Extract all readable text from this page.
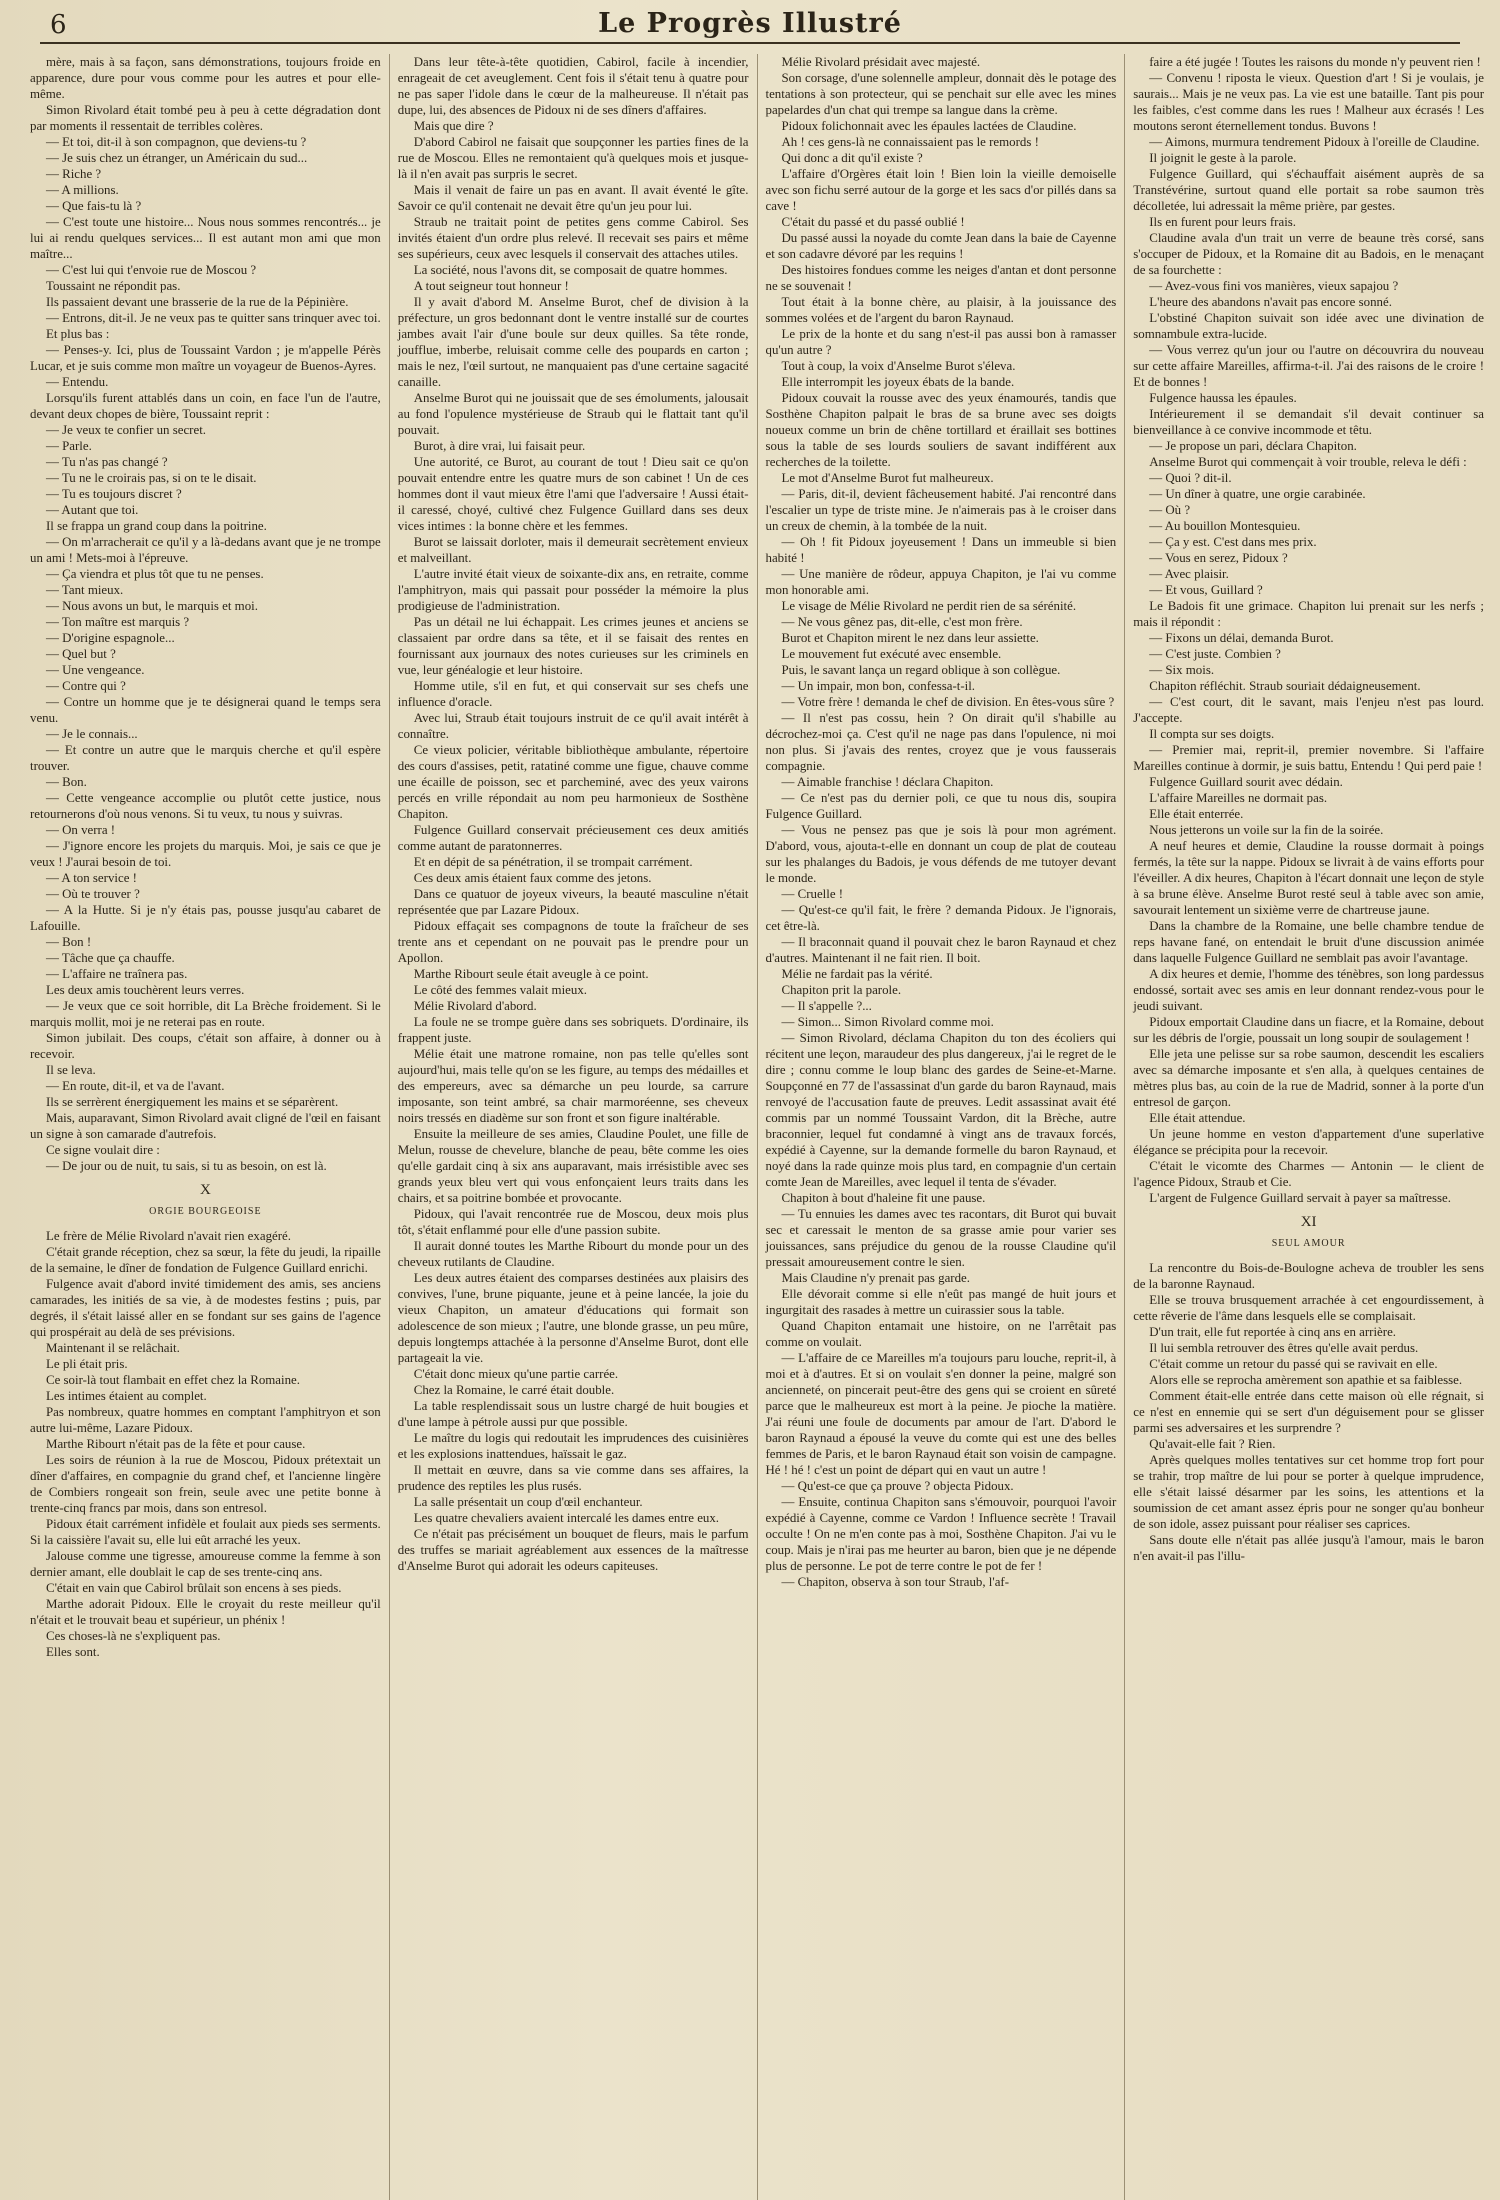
6	Le Progrès Illustré

mère, mais à sa façon, sans démonstrations, toujours froide en apparence, dure pour vous comme pour les autres et pour elle-même.

Simon Rivolard était tombé peu à peu à cette dégradation dont par moments il ressentait de terribles colères.

— Et toi, dit-il à son compagnon, que deviens-tu ?

— Je suis chez un étranger, un Américain du sud...

— Riche ?

— A millions.

— Que fais-tu là ?

— C'est toute une histoire... Nous nous sommes rencontrés... je lui ai rendu quelques services... Il est autant mon ami que mon maître...

— C'est lui qui t'envoie rue de Moscou ?

Toussaint ne répondit pas.

Ils passaient devant une brasserie de la rue de la Pépinière.

— Entrons, dit-il. Je ne veux pas te quitter sans trinquer avec toi.

Et plus bas :

— Penses-y. Ici, plus de Toussaint Vardon ; je m'appelle Pérès Lucar, et je suis comme mon maître un voyageur de Buenos-Ayres.

— Entendu.

Lorsqu'ils furent attablés dans un coin, en face l'un de l'autre, devant deux chopes de bière, Toussaint reprit :

— Je veux te confier un secret.

— Parle.

— Tu n'as pas changé ?

— Tu ne le croirais pas, si on te le disait.

— Tu es toujours discret ?

— Autant que toi.

Il se frappa un grand coup dans la poitrine.

— On m'arracherait ce qu'il y a là-dedans avant que je ne trompe un ami ! Mets-moi à l'épreuve.

— Ça viendra et plus tôt que tu ne penses.

— Tant mieux.

— Nous avons un but, le marquis et moi.

— Ton maître est marquis ?

— D'origine espagnole...

— Quel but ?

— Une vengeance.

— Contre qui ?

— Contre un homme que je te désignerai quand le temps sera venu.

— Je le connais...

— Et contre un autre que le marquis cherche et qu'il espère trouver.

— Bon.

— Cette vengeance accomplie ou plutôt cette justice, nous retournerons d'où nous venons. Si tu veux, tu nous y suivras.

— On verra !

— J'ignore encore les projets du marquis. Moi, je sais ce que je veux ! J'aurai besoin de toi.

— A ton service !

— Où te trouver ?

— A la Hutte. Si je n'y étais pas, pousse jusqu'au cabaret de Lafouille.

— Bon !

— Tâche que ça chauffe.

— L'affaire ne traînera pas.

Les deux amis touchèrent leurs verres.

— Je veux que ce soit horrible, dit La Brèche froidement. Si le marquis mollit, moi je ne reterai pas en route.

Simon jubilait. Des coups, c'était son affaire, à donner ou à recevoir.

Il se leva.

— En route, dit-il, et va de l'avant.

Ils se serrèrent énergiquement les mains et se séparèrent.

Mais, auparavant, Simon Rivolard avait cligné de l'œil en faisant un signe à son camarade d'autrefois.

Ce signe voulait dire :

— De jour ou de nuit, tu sais, si tu as besoin, on est là.

X
ORGIE BOURGEOISE

Le frère de Mélie Rivolard n'avait rien exagéré.

C'était grande réception, chez sa sœur, la fête du jeudi, la ripaille de la semaine, le dîner de fondation de Fulgence Guillard enrichi.

Fulgence avait d'abord invité timidement des amis, ses anciens camarades, les initiés de sa vie, à de modestes festins ; puis, par degrés, il s'était laissé aller en se fondant sur ses gains de l'agence qui prospérait au delà de ses prévisions.

Maintenant il se relâchait.

Le pli était pris.

Ce soir-là tout flambait en effet chez la Romaine.

Les intimes étaient au complet.

Pas nombreux, quatre hommes en comptant l'amphitryon et son autre lui-même, Lazare Pidoux.

Marthe Ribourt n'était pas de la fête et pour cause.

Les soirs de réunion à la rue de Moscou, Pidoux prétextait un dîner d'affaires, en compagnie du grand chef, et l'ancienne lingère de Combiers rongeait son frein, seule avec une petite bonne à trente-cinq francs par mois, dans son entresol.

Pidoux était carrément infidèle et foulait aux pieds ses serments. Si la caissière l'avait su, elle lui eût arraché les yeux.

Jalouse comme une tigresse, amoureuse comme la femme à son dernier amant, elle doublait le cap de ses trente-cinq ans.

C'était en vain que Cabirol brûlait son encens à ses pieds.

Marthe adorait Pidoux. Elle le croyait du reste meilleur qu'il n'était et le trouvait beau et supérieur, un phénix !

Ces choses-là ne s'expliquent pas.

Elles sont.

Dans leur tête-à-tête quotidien, Cabirol, facile à incendier, enrageait de cet aveuglement. Cent fois il s'était tenu à quatre pour ne pas saper l'idole dans le cœur de la malheureuse. Il n'était pas dupe, lui, des absences de Pidoux ni de ses dîners d'affaires.

Mais que dire ?

D'abord Cabirol ne faisait que soupçonner les parties fines de la rue de Moscou. Elles ne remontaient qu'à quelques mois et jusque-là il n'en avait pas surpris le secret.

Mais il venait de faire un pas en avant. Il avait éventé le gîte. Savoir ce qu'il contenait ne devait être qu'un jeu pour lui.

Straub ne traitait point de petites gens comme Cabirol. Ses invités étaient d'un ordre plus relevé. Il recevait ses pairs et même ses supérieurs, ceux avec lesquels il conservait des attaches utiles.

La société, nous l'avons dit, se composait de quatre hommes.

A tout seigneur tout honneur !

Il y avait d'abord M. Anselme Burot, chef de division à la préfecture, un gros bedonnant dont le ventre installé sur de courtes jambes avait l'air d'une boule sur deux quilles. Sa tête ronde, joufflue, imberbe, reluisait comme celle des poupards en carton ; mais le nez, l'œil surtout, ne manquaient pas d'une certaine sagacité canaille.

Anselme Burot qui ne jouissait que de ses émoluments, jalousait au fond l'opulence mystérieuse de Straub qui le flattait tant qu'il pouvait.

Burot, à dire vrai, lui faisait peur.

Une autorité, ce Burot, au courant de tout ! Dieu sait ce qu'on pouvait entendre entre les quatre murs de son cabinet ! Un de ces hommes dont il vaut mieux être l'ami que l'adversaire ! Aussi était-il caressé, choyé, cultivé chez Fulgence Guillard dans ses deux vices intimes : la bonne chère et les femmes.

Burot se laissait dorloter, mais il demeurait secrètement envieux et malveillant.

L'autre invité était vieux de soixante-dix ans, en retraite, comme l'amphitryon, mais qui passait pour posséder la mémoire la plus prodigieuse de l'administration.

Pas un détail ne lui échappait. Les crimes jeunes et anciens se classaient par ordre dans sa tête, et il se faisait des rentes en fournissant aux journaux des notes curieuses sur les criminels en vue, leur généalogie et leur histoire.

Homme utile, s'il en fut, et qui conservait sur ses chefs une influence d'oracle.

Avec lui, Straub était toujours instruit de ce qu'il avait intérêt à connaître.

Ce vieux policier, véritable bibliothèque ambulante, répertoire des cours d'assises, petit, ratatiné comme une figue, chauve comme une écaille de poisson, sec et parcheminé, avec des yeux vairons percés en vrille répondait au nom peu harmonieux de Sosthène Chapiton.

Fulgence Guillard conservait précieusement ces deux amitiés comme autant de paratonnerres.

Et en dépit de sa pénétration, il se trompait carrément.

Ces deux amis étaient faux comme des jetons.

Dans ce quatuor de joyeux viveurs, la beauté masculine n'était représentée que par Lazare Pidoux.

Pidoux effaçait ses compagnons de toute la fraîcheur de ses trente ans et cependant on ne pouvait pas le prendre pour un Apollon.

Marthe Ribourt seule était aveugle à ce point.

Le côté des femmes valait mieux.

Mélie Rivolard d'abord.

La foule ne se trompe guère dans ses sobriquets. D'ordinaire, ils frappent juste.

Mélie était une matrone romaine, non pas telle qu'elles sont aujourd'hui, mais telle qu'on se les figure, au temps des médailles et des empereurs, avec sa démarche un peu lourde, sa carrure imposante, son teint ambré, sa chair marmoréenne, ses cheveux noirs tressés en diadème sur son front et son figure inaltérable.

Ensuite la meilleure de ses amies, Claudine Poulet, une fille de Melun, rousse de chevelure, blanche de peau, bête comme les oies qu'elle gardait cinq à six ans auparavant, mais irrésistible avec ses grands yeux bleu vert qui vous enfonçaient leurs traits dans les chairs, et sa poitrine bombée et provocante.

Pidoux, qui l'avait rencontrée rue de Moscou, deux mois plus tôt, s'était enflammé pour elle d'une passion subite.

Il aurait donné toutes les Marthe Ribourt du monde pour un des cheveux rutilants de Claudine.

Les deux autres étaient des comparses destinées aux plaisirs des convives, l'une, brune piquante, jeune et à peine lancée, la joie du vieux Chapiton, un amateur d'éducations qui formait son adolescence de son mieux ; l'autre, une blonde grasse, un peu mûre, depuis longtemps attachée à la personne d'Anselme Burot, dont elle partageait la vie.

C'était donc mieux qu'une partie carrée.

Chez la Romaine, le carré était double.

La table resplendissait sous un lustre chargé de huit bougies et d'une lampe à pétrole aussi pur que possible.

Le maître du logis qui redoutait les imprudences des cuisinières et les explosions inattendues, haïssait le gaz.

Il mettait en œuvre, dans sa vie comme dans ses affaires, la prudence des reptiles les plus rusés.

La salle présentait un coup d'œil enchanteur.

Les quatre chevaliers avaient intercalé les dames entre eux.

Ce n'était pas précisément un bouquet de fleurs, mais le parfum des truffes se mariait agréablement aux essences de la maîtresse d'Anselme Burot qui adorait les odeurs capiteuses.

Mélie Rivolard présidait avec majesté.

Son corsage, d'une solennelle ampleur, donnait dès le potage des tentations à son protecteur, qui se penchait sur elle avec les mines papelardes d'un chat qui trempe sa langue dans la crème.

Pidoux folichonnait avec les épaules lactées de Claudine.

Ah ! ces gens-là ne connaissaient pas le remords !

Qui donc a dit qu'il existe ?

L'affaire d'Orgères était loin ! Bien loin la vieille demoiselle avec son fichu serré autour de la gorge et les sacs d'or pillés dans sa cave !

C'était du passé et du passé oublié !

Du passé aussi la noyade du comte Jean dans la baie de Cayenne et son cadavre dévoré par les requins !

Des histoires fondues comme les neiges d'antan et dont personne ne se souvenait !

Tout était à la bonne chère, au plaisir, à la jouissance des sommes volées et de l'argent du baron Raynaud.

Le prix de la honte et du sang n'est-il pas aussi bon à ramasser qu'un autre ?

Tout à coup, la voix d'Anselme Burot s'éleva.

Elle interrompit les joyeux ébats de la bande.

Pidoux couvait la rousse avec des yeux énamourés, tandis que Sosthène Chapiton palpait le bras de sa brune avec ses doigts noueux comme un brin de chêne tortillard et éraillait ses bottines sous la table de ses lourds souliers de savant indifférent aux recherches de la toilette.

Le mot d'Anselme Burot fut malheureux.

— Paris, dit-il, devient fâcheusement habité. J'ai rencontré dans l'escalier un type de triste mine. Je n'aimerais pas à le croiser dans un creux de chemin, à la tombée de la nuit.

— Oh ! fit Pidoux joyeusement ! Dans un immeuble si bien habité !

— Une manière de rôdeur, appuya Chapiton, je l'ai vu comme mon honorable ami.

Le visage de Mélie Rivolard ne perdit rien de sa sérénité.

— Ne vous gênez pas, dit-elle, c'est mon frère.

Burot et Chapiton mirent le nez dans leur assiette.

Le mouvement fut exécuté avec ensemble.

Puis, le savant lança un regard oblique à son collègue.

— Un impair, mon bon, confessa-t-il.

— Votre frère ! demanda le chef de division. En êtes-vous sûre ?

— Il n'est pas cossu, hein ? On dirait qu'il s'habille au décrochez-moi ça. C'est qu'il ne nage pas dans l'opulence, ni moi non plus. Si j'avais des rentes, croyez que je vous fausserais compagnie.

— Aimable franchise ! déclara Chapiton.

— Ce n'est pas du dernier poli, ce que tu nous dis, soupira Fulgence Guillard.

— Vous ne pensez pas que je sois là pour mon agrément. D'abord, vous, ajouta-t-elle en donnant un coup de plat de couteau sur les phalanges du Badois, je vous défends de me tutoyer devant le monde.

— Cruelle !

— Qu'est-ce qu'il fait, le frère ? demanda Pidoux. Je l'ignorais, cet être-là.

— Il braconnait quand il pouvait chez le baron Raynaud et chez d'autres. Maintenant il ne fait rien. Il boit.

Mélie ne fardait pas la vérité.

Chapiton prit la parole.

— Il s'appelle ?...

— Simon... Simon Rivolard comme moi.

— Simon Rivolard, déclama Chapiton du ton des écoliers qui récitent une leçon, maraudeur des plus dangereux, j'ai le regret de le dire ; connu comme le loup blanc des gardes de Seine-et-Marne. Soupçonné en 77 de l'assassinat d'un garde du baron Raynaud, mais renvoyé de l'accusation faute de preuves. Ledit assassinat avait été commis par un nommé Toussaint Vardon, dit la Brèche, autre braconnier, lequel fut condamné à vingt ans de travaux forcés, expédié à Cayenne, sur la demande formelle du baron Raynaud, et noyé dans la rade quinze mois plus tard, en compagnie d'un certain comte Jean de Mareilles, avec lequel il tenta de s'évader.

Chapiton à bout d'haleine fit une pause.

— Tu ennuies les dames avec tes racontars, dit Burot qui buvait sec et caressait le menton de sa grasse amie pour varier ses jouissances, sans préjudice du genou de la rousse Claudine qu'il pressait amoureusement contre le sien.

Mais Claudine n'y prenait pas garde.

Elle dévorait comme si elle n'eût pas mangé de huit jours et ingurgitait des rasades à mettre un cuirassier sous la table.

Quand Chapiton entamait une histoire, on ne l'arrêtait pas comme on voulait.

— L'affaire de ce Mareilles m'a toujours paru louche, reprit-il, à moi et à d'autres. Et si on voulait s'en donner la peine, malgré son ancienneté, on pincerait peut-être des gens qui se croient en sûreté parce que le malheureux est mort à la peine. Je pioche la matière. J'ai réuni une foule de documents par amour de l'art. D'abord le baron Raynaud a épousé la veuve du comte qui est une des belles femmes de Paris, et le baron Raynaud était son voisin de campagne. Hé ! hé ! c'est un point de départ qui en vaut un autre !

— Qu'est-ce que ça prouve ? objecta Pidoux.

— Ensuite, continua Chapiton sans s'émouvoir, pourquoi l'avoir expédié à Cayenne, comme ce Vardon ! Influence secrète ! Travail occulte ! On ne m'en conte pas à moi, Sosthène Chapiton. J'ai vu le coup. Mais je n'irai pas me heurter au baron, bien que je ne dépende plus de personne. Le pot de terre contre le pot de fer !

— Chapiton, observa à son tour Straub, l'af-

faire a été jugée ! Toutes les raisons du monde n'y peuvent rien !

— Convenu ! riposta le vieux. Question d'art ! Si je voulais, je saurais... Mais je ne veux pas. La vie est une bataille. Tant pis pour les faibles, c'est comme dans les rues ! Malheur aux écrasés ! Les moutons seront éternellement tondus. Buvons !

— Aimons, murmura tendrement Pidoux à l'oreille de Claudine.

Il joignit le geste à la parole.

Fulgence Guillard, qui s'échauffait aisément auprès de sa Transtévérine, surtout quand elle portait sa robe saumon très décolletée, lui adressait la même prière, par gestes.

Ils en furent pour leurs frais.

Claudine avala d'un trait un verre de beaune très corsé, sans s'occuper de Pidoux, et la Romaine dit au Badois, en le menaçant de sa fourchette :

— Avez-vous fini vos manières, vieux sapajou ?

L'heure des abandons n'avait pas encore sonné.

L'obstiné Chapiton suivait son idée avec une divination de somnambule extra-lucide.

— Vous verrez qu'un jour ou l'autre on découvrira du nouveau sur cette affaire Mareilles, affirma-t-il. J'ai des raisons de le croire ! Et de bonnes !

Fulgence haussa les épaules.

Intérieurement il se demandait s'il devait continuer sa bienveillance à ce convive incommode et têtu.

— Je propose un pari, déclara Chapiton.

Anselme Burot qui commençait à voir trouble, releva le défi :

— Quoi ? dit-il.

— Un dîner à quatre, une orgie carabinée.

— Où ?

— Au bouillon Montesquieu.

— Ça y est. C'est dans mes prix.

— Vous en serez, Pidoux ?

— Avec plaisir.

— Et vous, Guillard ?

Le Badois fit une grimace. Chapiton lui prenait sur les nerfs ; mais il répondit :

— Fixons un délai, demanda Burot.

— C'est juste. Combien ?

— Six mois.

Chapiton réfléchit. Straub souriait dédaigneusement.

— C'est court, dit le savant, mais l'enjeu n'est pas lourd. J'accepte.

Il compta sur ses doigts.

— Premier mai, reprit-il, premier novembre. Si l'affaire Mareilles continue à dormir, je suis battu, Entendu ! Qui perd paie !

Fulgence Guillard sourit avec dédain.

L'affaire Mareilles ne dormait pas.

Elle était enterrée.

Nous jetterons un voile sur la fin de la soirée.

A neuf heures et demie, Claudine la rousse dormait à poings fermés, la tête sur la nappe. Pidoux se livrait à de vains efforts pour l'éveiller. A dix heures, Chapiton à l'écart donnait une leçon de style à sa brune élève. Anselme Burot resté seul à table avec son amie, savourait lentement un sixième verre de chartreuse jaune.

Dans la chambre de la Romaine, une belle chambre tendue de reps havane fané, on entendait le bruit d'une discussion animée dans laquelle Fulgence Guillard ne semblait pas avoir l'avantage.

A dix heures et demie, l'homme des ténèbres, son long pardessus endossé, sortait avec ses amis en leur donnant rendez-vous pour le jeudi suivant.

Pidoux emportait Claudine dans un fiacre, et la Romaine, debout sur les débris de l'orgie, poussait un long soupir de soulagement !

Elle jeta une pelisse sur sa robe saumon, descendit les escaliers avec sa démarche imposante et s'en alla, à quelques centaines de mètres plus bas, au coin de la rue de Madrid, sonner à la porte d'un entresol de garçon.

Elle était attendue.

Un jeune homme en veston d'appartement d'une superlative élégance se précipita pour la recevoir.

C'était le vicomte des Charmes — Antonin — le client de l'agence Pidoux, Straub et Cie.

L'argent de Fulgence Guillard servait à payer sa maîtresse.

XI
SEUL AMOUR

La rencontre du Bois-de-Boulogne acheva de troubler les sens de la baronne Raynaud.

Elle se trouva brusquement arrachée à cet engourdissement, à cette rêverie de l'âme dans lesquels elle se complaisait.

D'un trait, elle fut reportée à cinq ans en arrière.

Il lui sembla retrouver des êtres qu'elle avait perdus.

C'était comme un retour du passé qui se ravivait en elle.

Alors elle se reprocha amèrement son apathie et sa faiblesse.

Comment était-elle entrée dans cette maison où elle régnait, si ce n'est en ennemie qui se sert d'un déguisement pour se glisser parmi ses adversaires et les surprendre ?

Qu'avait-elle fait ? Rien.

Après quelques molles tentatives sur cet homme trop fort pour se trahir, trop maître de lui pour se porter à quelque imprudence, elle s'était laissé désarmer par les soins, les attentions et la soumission de cet amant assez épris pour ne songer qu'au bonheur de son idole, assez puissant pour réaliser ses caprices.

Sans doute elle n'était pas allée jusqu'à l'amour, mais le baron n'en avait-il pas l'illu-
